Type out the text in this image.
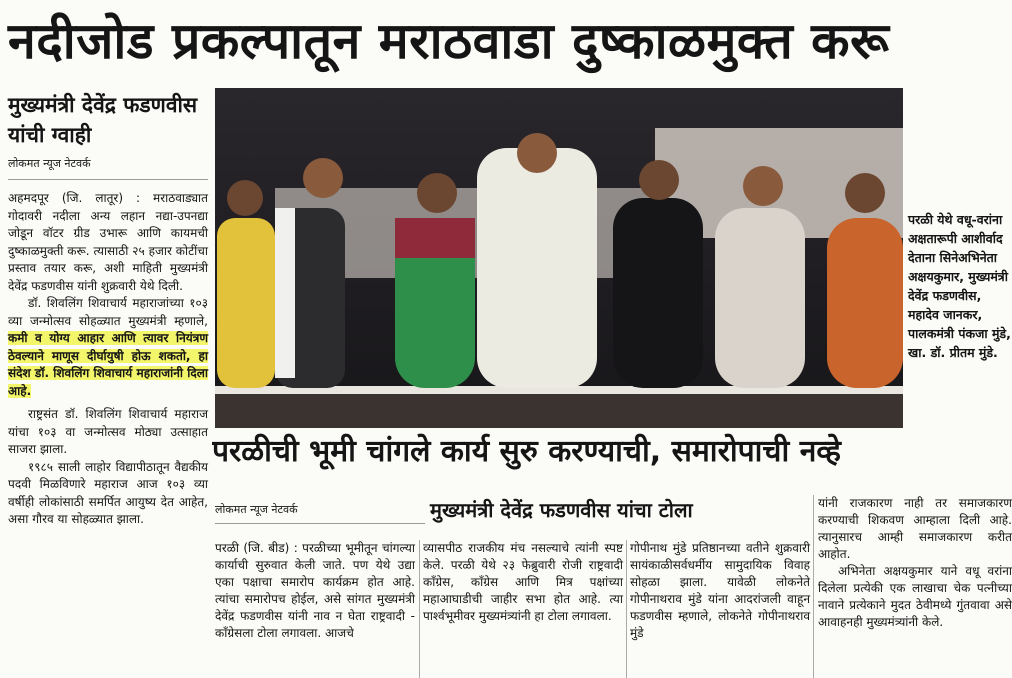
नदीजोड प्रकल्पातून मराठवाडा दुष्काळमुक्त करू
मुख्यमंत्री देवेंद्र फडणवीस यांची ग्वाही
लोकमत न्यूज नेटवर्क

अहमदपूर (जि. लातूर) : मराठवाड्यात गोदावरी नदीला अन्य लहान नद्या-उपनद्या जोडून वॉटर ग्रीड उभारू आणि कायमची दुष्काळमुक्ती करू. त्यासाठी २५ हजार कोटींचा प्रस्ताव तयार करू, अशी माहिती मुख्यमंत्री देवेंद्र फडणवीस यांनी शुक्रवारी येथे दिली.

डॉ. शिवलिंग शिवाचार्य महाराजांच्या १०३ व्या जन्मोत्सव सोहळ्यात मुख्यमंत्री म्हणाले, कमी व योग्य आहार आणि त्यावर नियंत्रण ठेवल्याने माणूस दीर्घायुषी होऊ शकतो, हा संदेश डॉ. शिवलिंग शिवाचार्य महाराजांनी दिला आहे.

राष्ट्रसंत डॉ. शिवलिंग शिवाचार्य महाराज यांचा १०३ वा जन्मोत्सव मोठ्या उत्साहात साजरा झाला.

१९८५ साली लाहोर विद्यापीठातून वैद्यकीय पदवी मिळविणारे महाराज आज १०३ व्या वर्षीही लोकांसाठी समर्पित आयुष्य देत आहेत, असा गौरव या सोहळ्यात झाला.

परळी येथे वधू-वरांना अक्षतारूपी आशीर्वाद देताना सिनेअभिनेता अक्षयकुमार, मुख्यमंत्री देवेंद्र फडणवीस, महादेव जानकर, पालकमंत्री पंकजा मुंडे, खा. डॉ. प्रीतम मुंडे.
परळीची भूमी चांगले कार्य सुरु करण्याची, समारोपाची नव्हे
लोकमत न्यूज नेटवर्क	मुख्यमंत्री देवेंद्र फडणवीस यांचा टोला
परळी (जि. बीड) : परळीच्या भूमीतून चांगल्या कार्याची सुरुवात केली जाते. पण येथे उद्या एका पक्षाचा समारोप कार्यक्रम होत आहे. त्यांचा समारोपच होईल, असे सांगत मुख्यमंत्री देवेंद्र फडणवीस यांनी नाव न घेता राष्ट्रवादी - कॉंग्रेसला टोला लगावला. आजचे
व्यासपीठ राजकीय मंच नसल्याचे त्यांनी स्पष्ट केले. परळी येथे २३ फेब्रुवारी रोजी राष्ट्रवादी कॉंग्रेस, कॉंग्रेस आणि मित्र पक्षांच्या महाआघाडीची जाहीर सभा होत आहे. त्या पार्श्वभूमीवर मुख्यमंत्र्यांनी हा टोला लगावला.
गोपीनाथ मुंडे प्रतिष्ठानच्या वतीने शुक्रवारी सायंकाळीसर्वधर्मीय सामुदायिक विवाह सोहळा झाला. यावेळी लोकनेते गोपीनाथराव मुंडे यांना आदरांजली वाहून फडणवीस म्हणाले, लोकनेते गोपीनाथराव मुंडे

यांनी राजकारण नाही तर समाजकारण करण्याची शिकवण आम्हाला दिली आहे. त्यानुसारच आम्ही समाजकारण करीत आहोत.

अभिनेता अक्षयकुमार याने वधू वरांना दिलेला प्रत्येकी एक लाखाचा चेक पत्नीच्या नावाने प्रत्येकाने मुदत ठेवीमध्ये गुंतवावा असे आवाहनही मुख्यमंत्र्यांनी केले.
